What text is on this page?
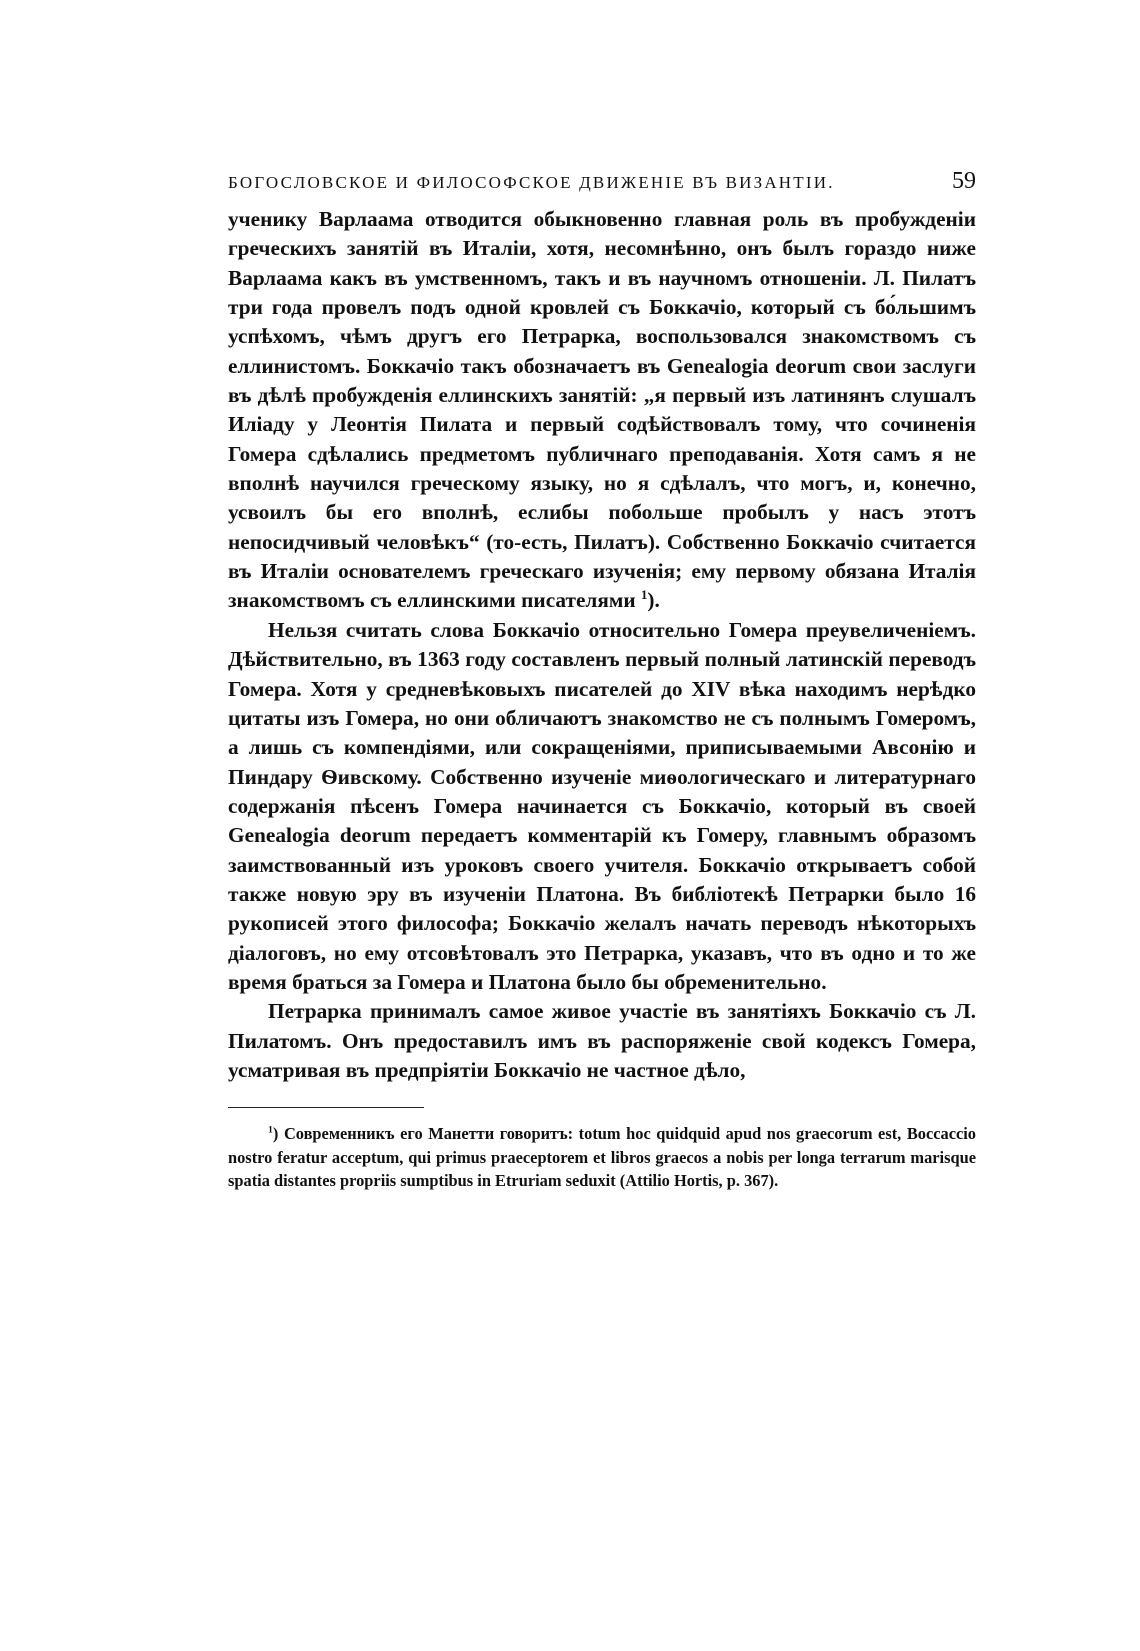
БОГОСЛОВСКОЕ И ФИЛОСОФСКОЕ ДВИЖЕНІЕ ВЪ ВИЗАНТІИ.	59

ученику Варлаама отводится обыкновенно главная роль въ пробужденіи греческихъ занятій въ Италіи, хотя, несомнѣнно, онъ былъ гораздо ниже Варлаама какъ въ умственномъ, такъ и въ научномъ отношеніи. Л. Пилатъ три года провелъ подъ одной кровлей съ Боккачіо, который съ бо́льшимъ успѣхомъ, чѣмъ другъ его Петрарка, воспользовался знакомствомъ съ еллинистомъ. Боккачіо такъ обозначаетъ въ Genealogia deorum свои заслуги въ дѣлѣ пробужденія еллинскихъ занятій: „я первый изъ латинянъ слушалъ Иліаду у Леонтія Пилата и первый содѣйствовалъ тому, что сочиненія Гомера сдѣлались предметомъ публичнаго преподаванія. Хотя самъ я не вполнѣ научился греческому языку, но я сдѣлалъ, что могъ, и, конечно, усвоилъ бы его вполнѣ, еслибы побольше пробылъ у насъ этотъ непосидчивый человѣкъ“ (то-есть, Пилатъ). Собственно Боккачіо считается въ Италіи основателемъ греческаго изученія; ему первому обязана Италія знакомствомъ съ еллинскими писателями $^1$).

Нельзя считать слова Боккачіо относительно Гомера преувеличеніемъ. Дѣйствительно, въ 1363 году составленъ первый полный латинскій переводъ Гомера. Хотя у средневѣковыхъ писателей до XIV вѣка находимъ нерѣдко цитаты изъ Гомера, но они обличаютъ знакомство не съ полнымъ Гомеромъ, а лишь съ компендіями, или сокращеніями, приписываемыми Авсонію и Пиндару Ѳивскому. Собственно изученіе миѳологическаго и литературнаго содержанія пѣсенъ Гомера начинается съ Боккачіо, который въ своей Genealogia deorum передаетъ комментарій къ Гомеру, главнымъ образомъ заимствованный изъ уроковъ своего учителя. Боккачіо открываетъ собой также новую эру въ изученіи Платона. Въ библіотекѣ Петрарки было 16 рукописей этого философа; Боккачіо желалъ начать переводъ нѣкоторыхъ діалоговъ, но ему отсовѣтовалъ это Петрарка, указавъ, что въ одно и то же время браться за Гомера и Платона было бы обременительно.

Петрарка принималъ самое живое участіе въ занятіяхъ Боккачіо съ Л. Пилатомъ. Онъ предоставилъ имъ въ распоряженіе свой кодексъ Гомера, усматривая въ предпріятіи Боккачіо не частное дѣло,

$^1$) Современникъ его Манетти говоритъ: totum hoc quidquid apud nos graecorum est, Boccaccio nostro feratur acceptum, qui primus praeceptorem et libros graecos a nobis per longa terrarum marisque spatia distantes propriis sumptibus in Etruriam seduxit (Attilio Hortis, p. 367).
